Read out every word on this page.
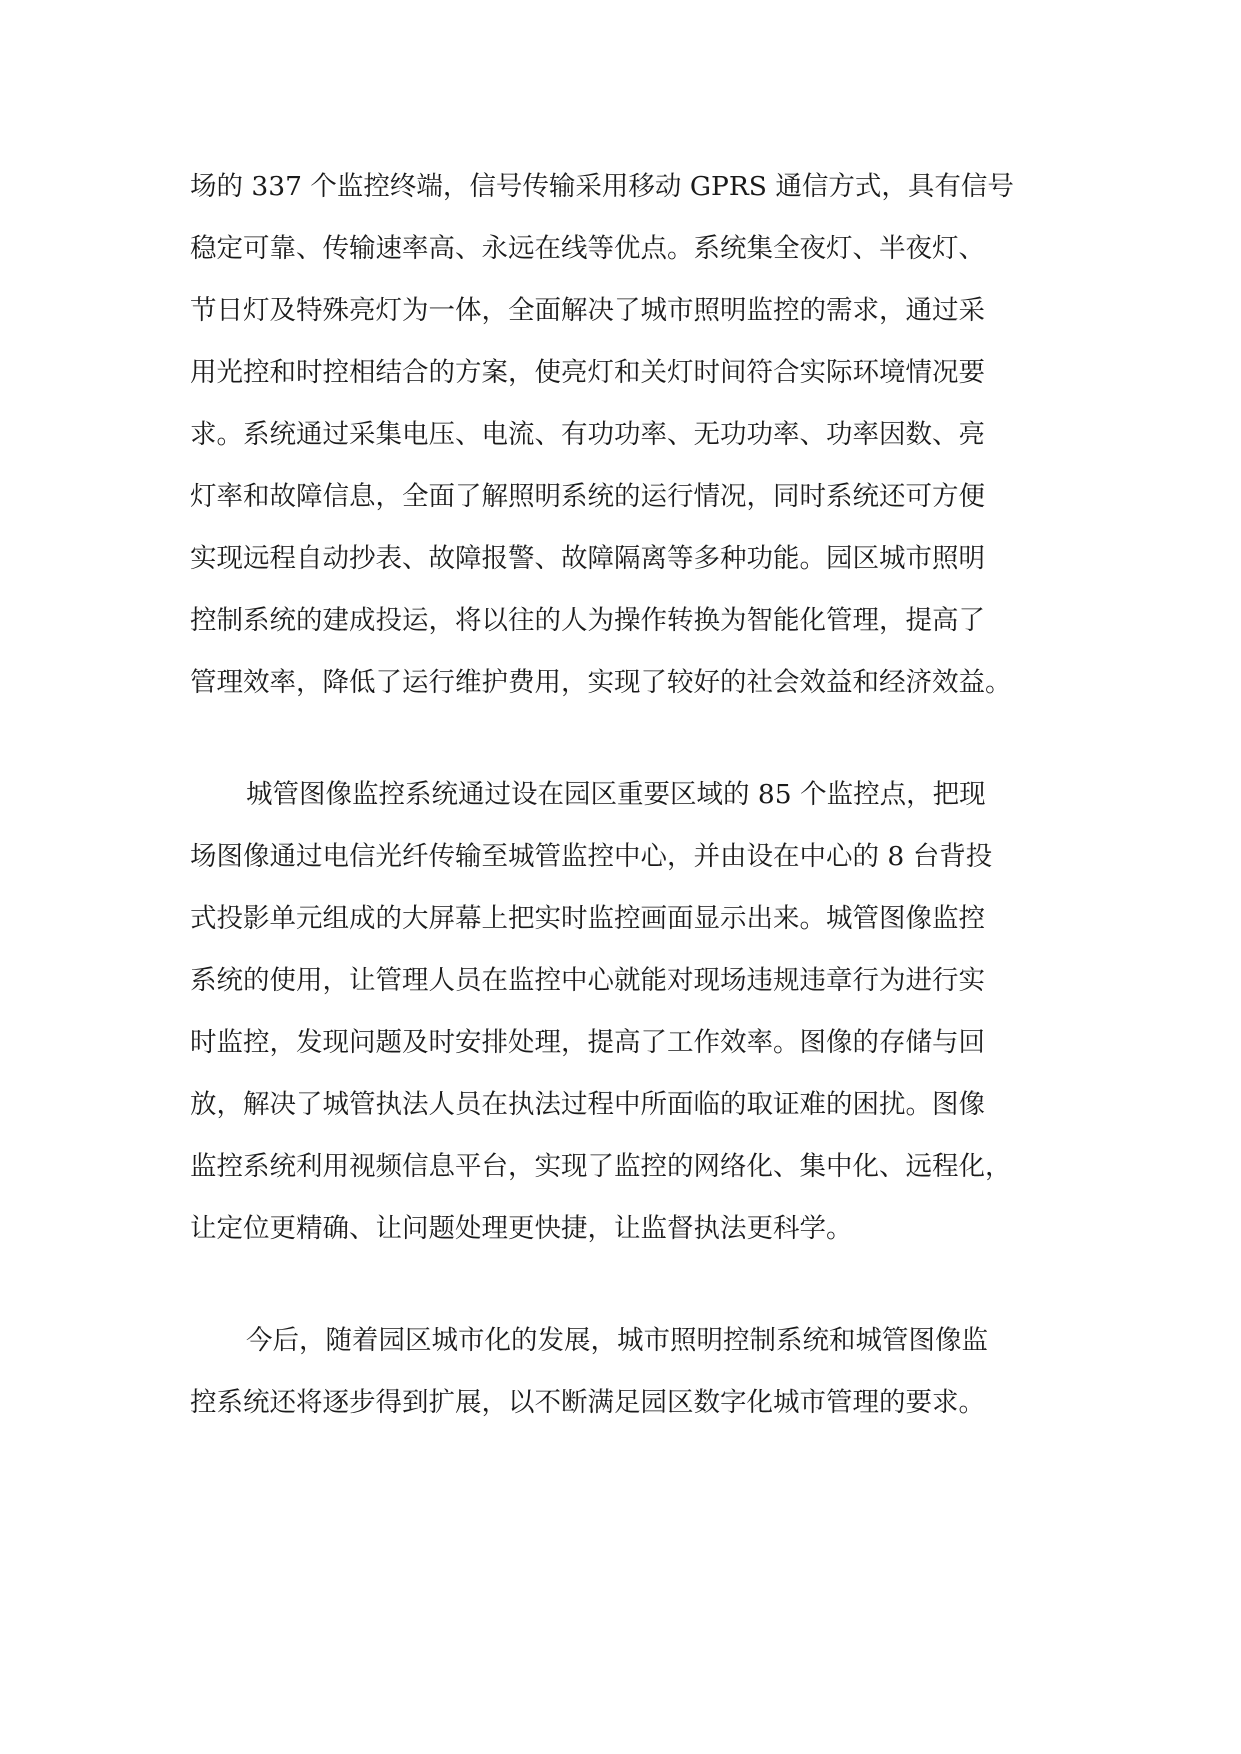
场的 337 个监控终端，信号传输采用移动 GPRS 通信方式，具有信号

稳定可靠、传输速率高、永远在线等优点。系统集全夜灯、半夜灯、

节日灯及特殊亮灯为一体，全面解决了城市照明监控的需求，通过采

用光控和时控相结合的方案，使亮灯和关灯时间符合实际环境情况要

求。系统通过采集电压、电流、有功功率、无功功率、功率因数、亮

灯率和故障信息，全面了解照明系统的运行情况，同时系统还可方便

实现远程自动抄表、故障报警、故障隔离等多种功能。园区城市照明

控制系统的建成投运，将以往的人为操作转换为智能化管理，提高了

管理效率，降低了运行维护费用，实现了较好的社会效益和经济效益。

城管图像监控系统通过设在园区重要区域的 85 个监控点，把现

场图像通过电信光纤传输至城管监控中心，并由设在中心的 8 台背投

式投影单元组成的大屏幕上把实时监控画面显示出来。城管图像监控

系统的使用，让管理人员在监控中心就能对现场违规违章行为进行实

时监控，发现问题及时安排处理，提高了工作效率。图像的存储与回

放，解决了城管执法人员在执法过程中所面临的取证难的困扰。图像

监控系统利用视频信息平台，实现了监控的网络化、集中化、远程化，

让定位更精确、让问题处理更快捷，让监督执法更科学。

今后，随着园区城市化的发展，城市照明控制系统和城管图像监

控系统还将逐步得到扩展，以不断满足园区数字化城市管理的要求。
